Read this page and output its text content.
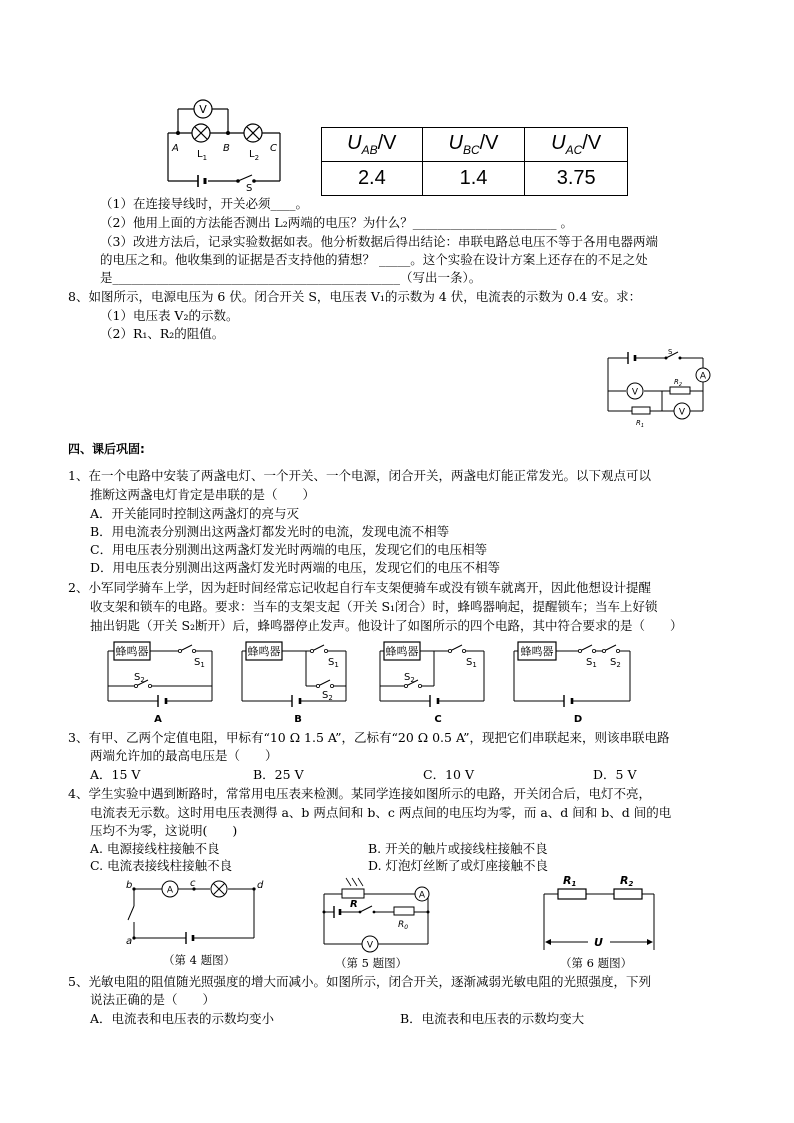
V
A	B	C
$L_1$	$L_2$
S
$U_{AB}/V$	$U_{BC}/V$	$U_{AC}/V$
2.4	1.4	3.75
（1）在连接导线时，开关必须____。
（2）他用上面的方法能否测出 L₂两端的电压？为什么？_______________________ 。
（3）改进方法后，记录实验数据如表。他分析数据后得出结论：串联电路总电压不等于各用电器两端
的电压之和。他收集到的证据是否支持他的猜想？ _____。这个实验在设计方案上还存在的不足之处
是______________________________________________（写出一条）。
8、如图所示，电源电压为 6 伏。闭合开关 S，电压表 V₁的示数为 4 伏，电流表的示数为 0.4 安。求：
（1）电压表 V₂的示数。
（2）R₁、R₂的阻值。
A
V
V
S
$R_2$
$R_1$
四、课后巩固:
1、在一个电路中安装了两盏电灯、一个开关、一个电源，闭合开关，两盏电灯能正常发光。以下观点可以
推断这两盏电灯肯定是串联的是（　　）
A．开关能同时控制这两盏灯的亮与灭
B．用电流表分别测出这两盏灯都发光时的电流，发现电流不相等
C．用电压表分别测出这两盏灯发光时两端的电压，发现它们的电压相等
D．用电压表分别测出这两盏灯发光时两端的电压，发现它们的电压不相等
2、小军同学骑车上学，因为赶时间经常忘记收起自行车支架便骑车或没有锁车就离开，因此他想设计提醒
收支架和锁车的电路。要求：当车的支架支起（开关 S₁闭合）时，蜂鸣器响起，提醒锁车；当车上好锁
抽出钥匙（开关 S₂断开）后，蜂鸣器停止发声。他设计了如图所示的四个电路，其中符合要求的是（　　）
蜂鸣器	蜂鸣器	蜂鸣器	蜂鸣器
$S_1$
$S_2$
$S_1$
$S_2$
$S_1$
$S_2$
$S_1$ $S_2$
A	B	C	D
3、有甲、乙两个定值电阻，甲标有“10 Ω 1.5 A”，乙标有“20 Ω 0.5 A”，现把它们串联起来，则该串联电路
两端允许加的最高电压是（　　）
A．15 V	B．25 V	C．10 V	D．5 V
4、学生实验中遇到断路时，常常用电压表来检测。某同学连接如图所示的电路，开关闭合后，电灯不亮，
电流表无示数。这时用电压表测得 a、b 两点间和 b、c 两点间的电压均为零，而 a、d 间和 b、d 间的电
压均不为零，这说明(　　)
A. 电源接线柱接触不良	B. 开关的触片或接线柱接触不良
C. 电流表接线柱接触不良	D. 灯泡灯丝断了或灯座接触不良
A
b	c	d
a
（第 4 题图）
V
A
R
$R_0$
（第 5 题图）
R1	R2
U
（第 6 题图）
5、光敏电阻的阻值随光照强度的增大而减小。如图所示，闭合开关，逐渐减弱光敏电阻的光照强度，下列
说法正确的是（　　）
A．电流表和电压表的示数均变小	B．电流表和电压表的示数均变大
